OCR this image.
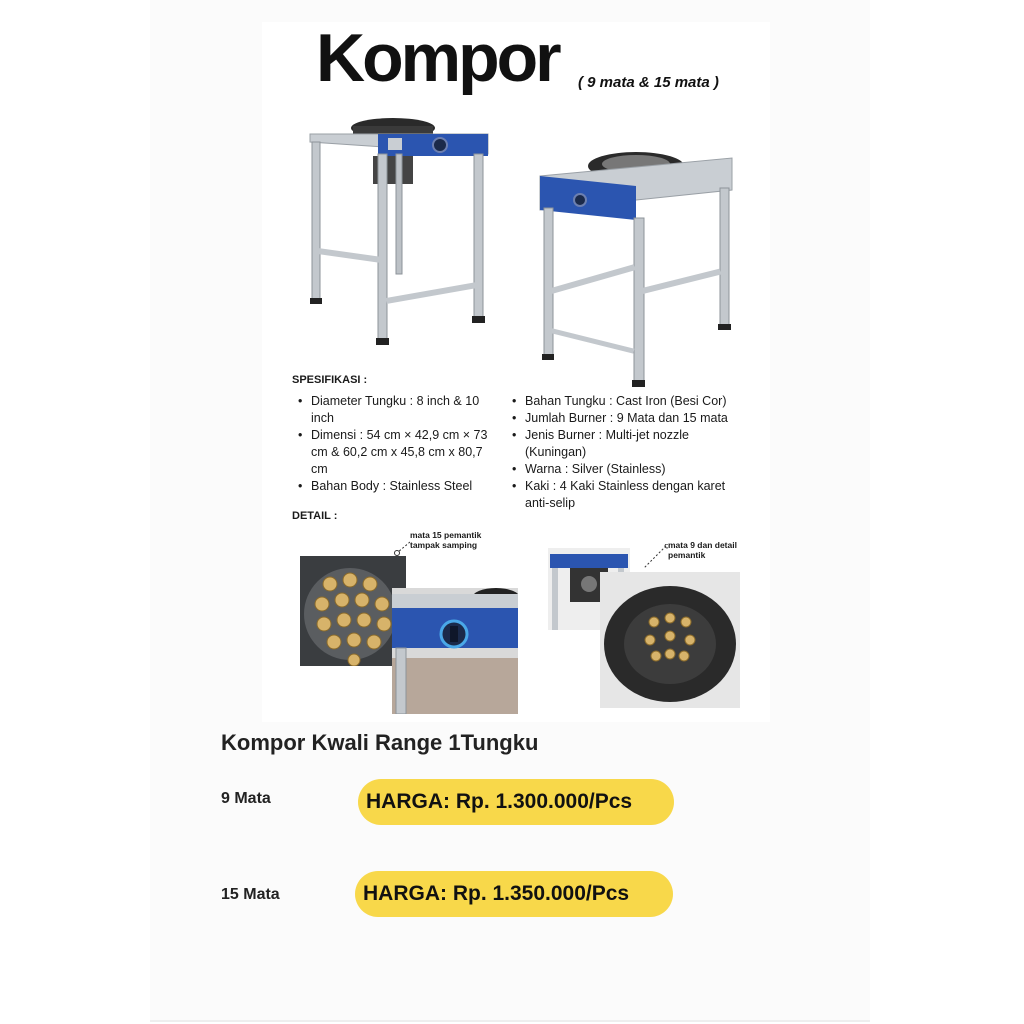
Kompor ( 9 mata & 15 mata )
SPESIFIKASI :
• Diameter Tungku : 8 inch & 10 inch
• Dimensi : 54 cm × 42,9 cm × 73 cm & 60,2 cm x 45,8 cm x 80,7 cm
• Bahan Body : Stainless Steel
• Bahan Tungku : Cast Iron (Besi Cor)
• Jumlah Burner : 9 Mata dan 15 mata
• Jenis Burner : Multi-jet nozzle (Kuningan)
• Warna : Silver (Stainless)
• Kaki : 4 Kaki Stainless dengan karet anti-selip
DETAIL :
mata 15 pemantik tampak samping	mata 9 dan detail pemantik
Kompor Kwali Range 1Tungku
9 Mata	HARGA: Rp. 1.300.000/Pcs
15 Mata	HARGA: Rp. 1.350.000/Pcs
